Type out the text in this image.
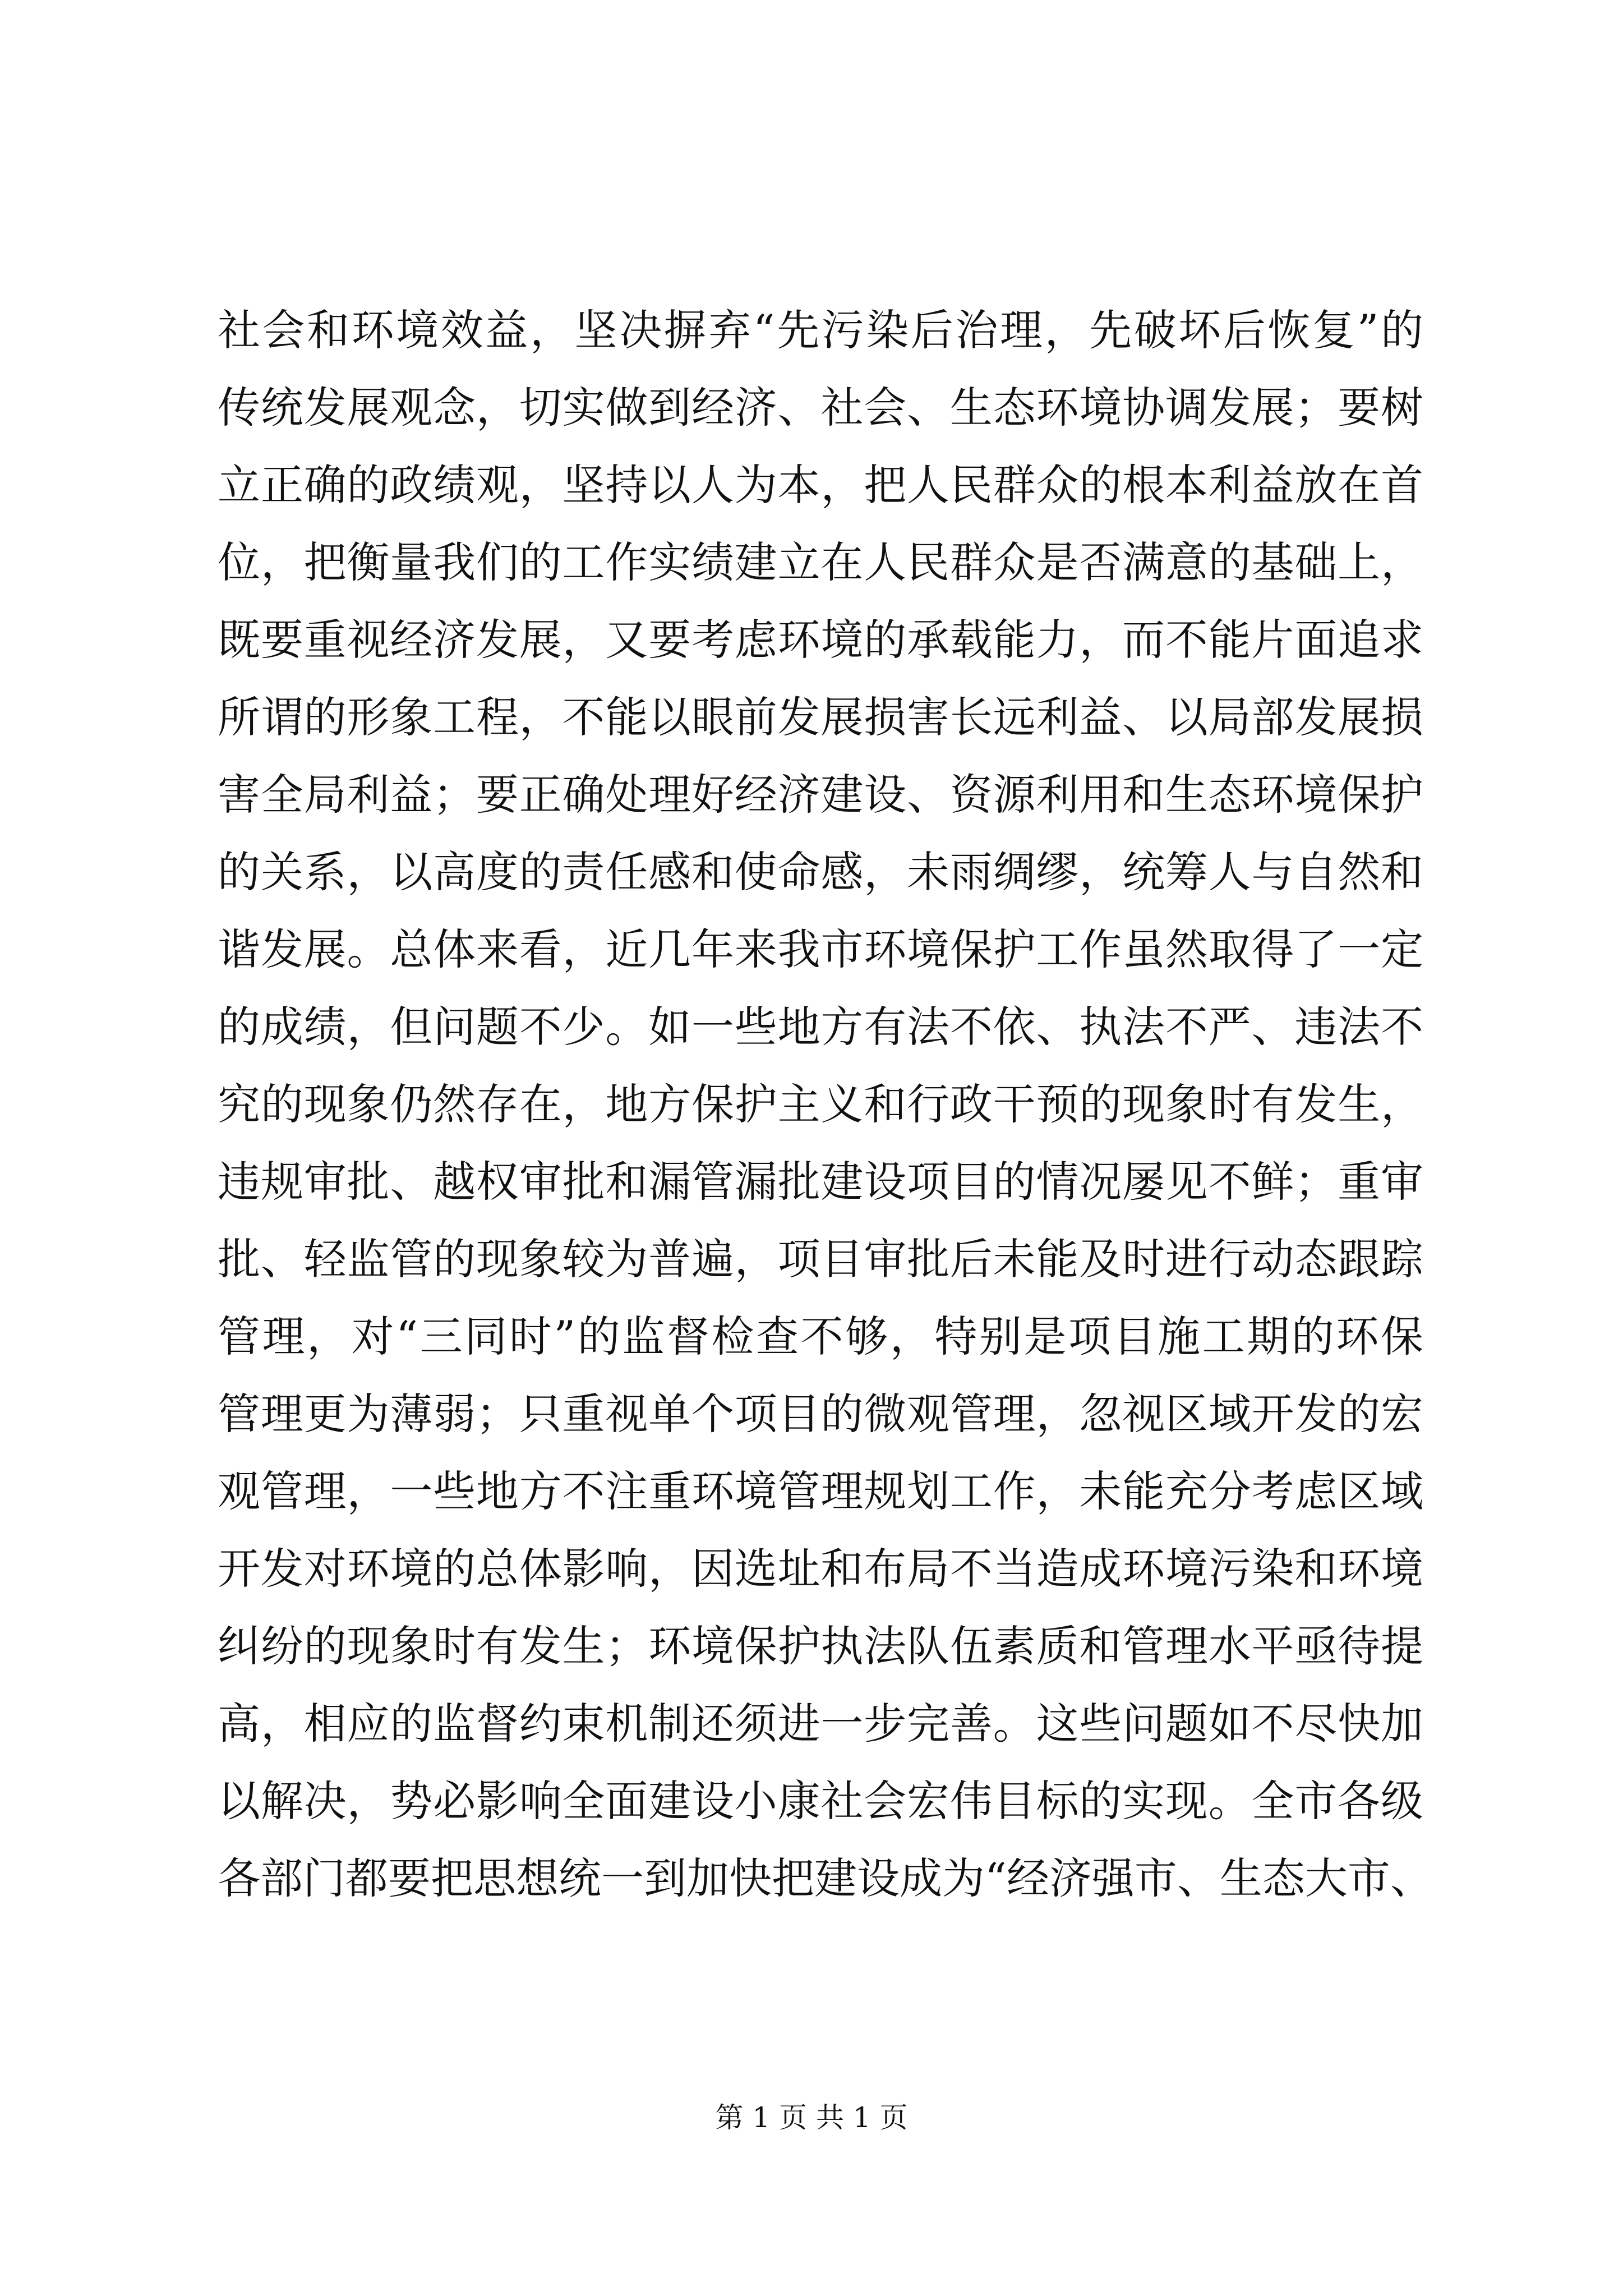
社会和环境效益，坚决摒弃“先污染后治理，先破坏后恢复”的
传统发展观念，切实做到经济、社会、生态环境协调发展；要树
立正确的政绩观，坚持以人为本，把人民群众的根本利益放在首
位，把衡量我们的工作实绩建立在人民群众是否满意的基础上，
既要重视经济发展，又要考虑环境的承载能力，而不能片面追求
所谓的形象工程，不能以眼前发展损害长远利益、以局部发展损
害全局利益；要正确处理好经济建设、资源利用和生态环境保护
的关系，以高度的责任感和使命感，未雨绸缪，统筹人与自然和
谐发展。总体来看，近几年来我市环境保护工作虽然取得了一定
的成绩，但问题不少。如一些地方有法不依、执法不严、违法不
究的现象仍然存在，地方保护主义和行政干预的现象时有发生，
违规审批、越权审批和漏管漏批建设项目的情况屡见不鲜；重审
批、轻监管的现象较为普遍，项目审批后未能及时进行动态跟踪
管理，对“三同时”的监督检查不够，特别是项目施工期的环保
管理更为薄弱；只重视单个项目的微观管理，忽视区域开发的宏
观管理，一些地方不注重环境管理规划工作，未能充分考虑区域
开发对环境的总体影响，因选址和布局不当造成环境污染和环境
纠纷的现象时有发生；环境保护执法队伍素质和管理水平亟待提
高，相应的监督约束机制还须进一步完善。这些问题如不尽快加
以解决，势必影响全面建设小康社会宏伟目标的实现。全市各级
各部门都要把思想统一到加快把建设成为“经济强市、生态大市、
第 1 页 共 1 页
